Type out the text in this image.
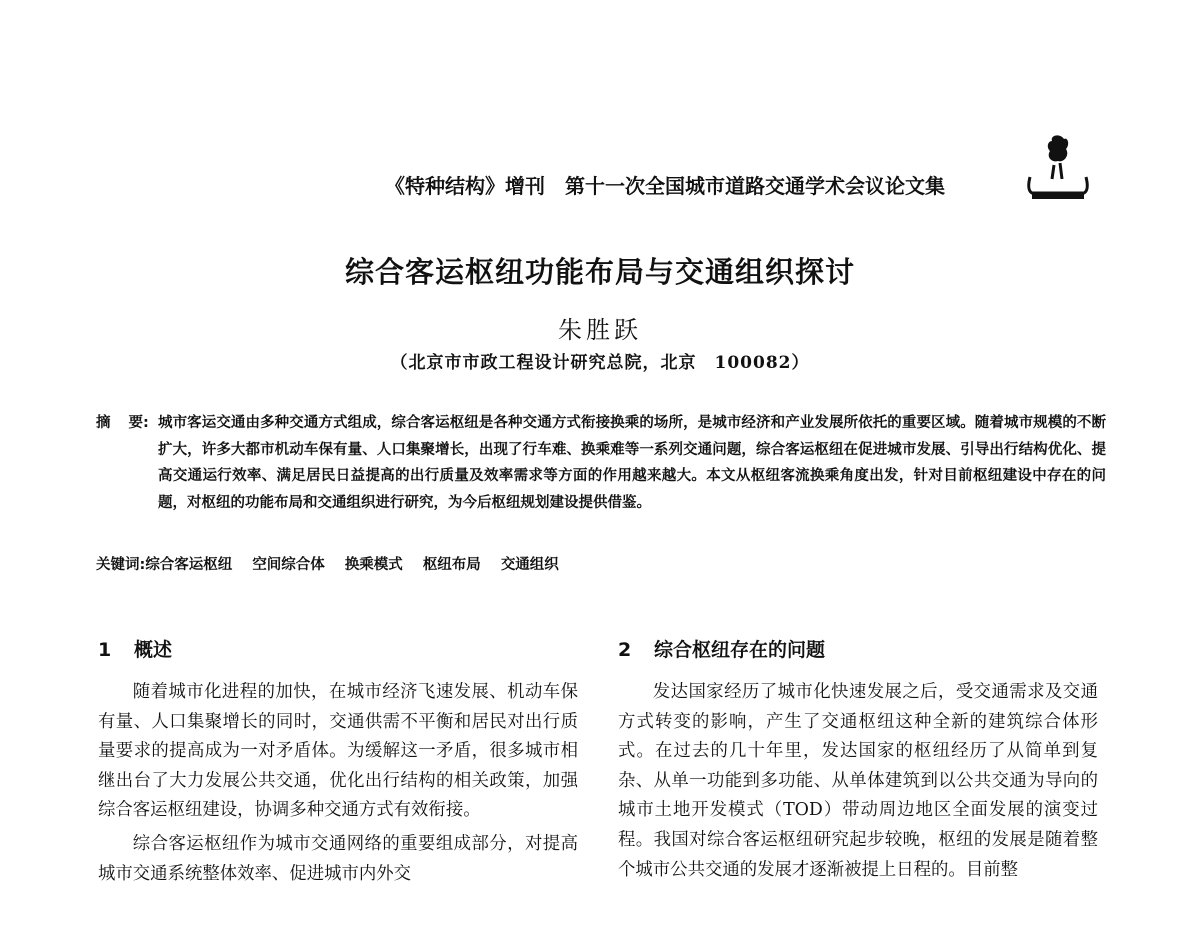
《特种结构》增刊 第十一次全国城市道路交通学术会议论文集
综合客运枢纽功能布局与交通组织探讨
朱胜跃
（北京市市政工程设计研究总院，北京　100082）
摘 要: 城市客运交通由多种交通方式组成，综合客运枢纽是各种交通方式衔接换乘的场所，是城市经济和产业发展所依托的重要区域。随着城市规模的不断扩大，许多大都市机动车保有量、人口集聚增长，出现了行车难、换乘难等一系列交通问题，综合客运枢纽在促进城市发展、引导出行结构优化、提高交通运行效率、满足居民日益提高的出行质量及效率需求等方面的作用越来越大。本文从枢纽客流换乘角度出发，针对目前枢纽建设中存在的问题，对枢纽的功能布局和交通组织进行研究，为今后枢纽规划建设提供借鉴。
关键词:综合客运枢纽 空间综合体 换乘模式 枢纽布局 交通组织
1 概述

随着城市化进程的加快，在城市经济飞速发展、机动车保有量、人口集聚增长的同时，交通供需不平衡和居民对出行质量要求的提高成为一对矛盾体。为缓解这一矛盾，很多城市相继出台了大力发展公共交通，优化出行结构的相关政策，加强综合客运枢纽建设，协调多种交通方式有效衔接。

综合客运枢纽作为城市交通网络的重要组成部分，对提高城市交通系统整体效率、促进城市内外交

2 综合枢纽存在的问题

发达国家经历了城市化快速发展之后，受交通需求及交通方式转变的影响，产生了交通枢纽这种全新的建筑综合体形式。在过去的几十年里，发达国家的枢纽经历了从简单到复杂、从单一功能到多功能、从单体建筑到以公共交通为导向的城市土地开发模式（TOD）带动周边地区全面发展的演变过程。我国对综合客运枢纽研究起步较晚，枢纽的发展是随着整个城市公共交通的发展才逐渐被提上日程的。目前整
